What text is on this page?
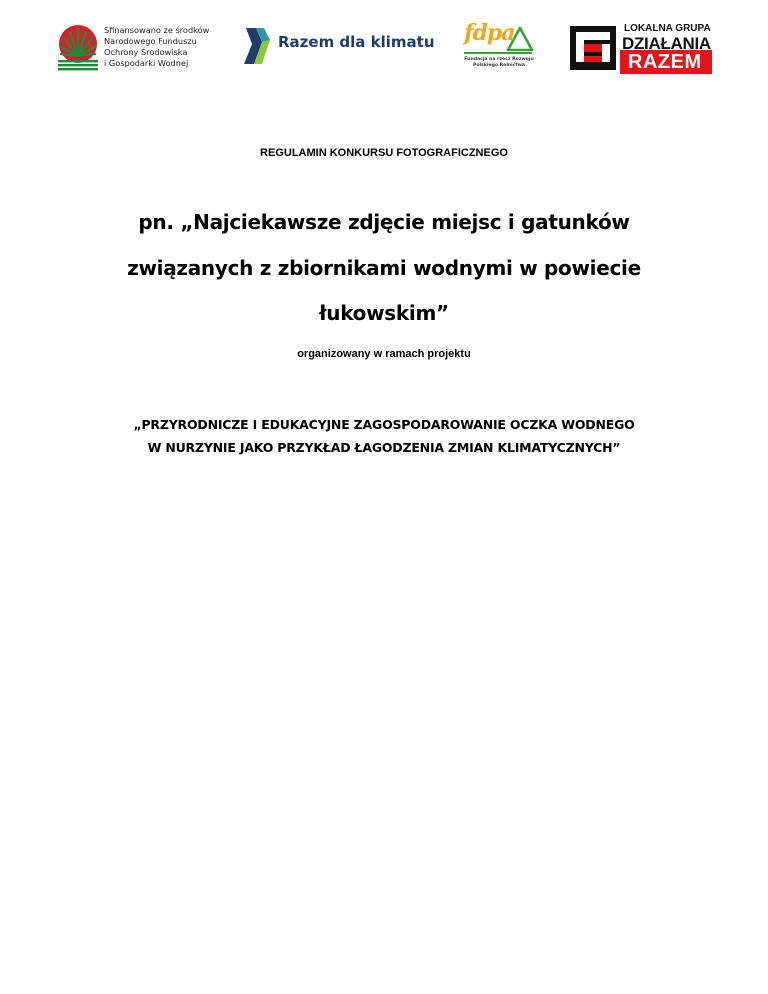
Sfinansowano ze środków
Narodowego Funduszu
Ochrony Środowiska
i Gospodarki Wodnej
Razem dla klimatu fdpa
Fundacja na rzecz Rozwoju
Polskiego Rolnictwa
LOKALNA GRUPA
DZIAŁANIA
RAZEM
REGULAMIN KONKURSU FOTOGRAFICZNEGO
pn. „Najciekawsze zdjęcie miejsc i gatunków
związanych z zbiornikami wodnymi w powiecie
łukowskim”
organizowany w ramach projektu
„PRZYRODNICZE I EDUKACYJNE ZAGOSPODAROWANIE OCZKA WODNEGO
W NURZYNIE JAKO PRZYKŁAD ŁAGODZENIA ZMIAN KLIMATYCZNYCH”
